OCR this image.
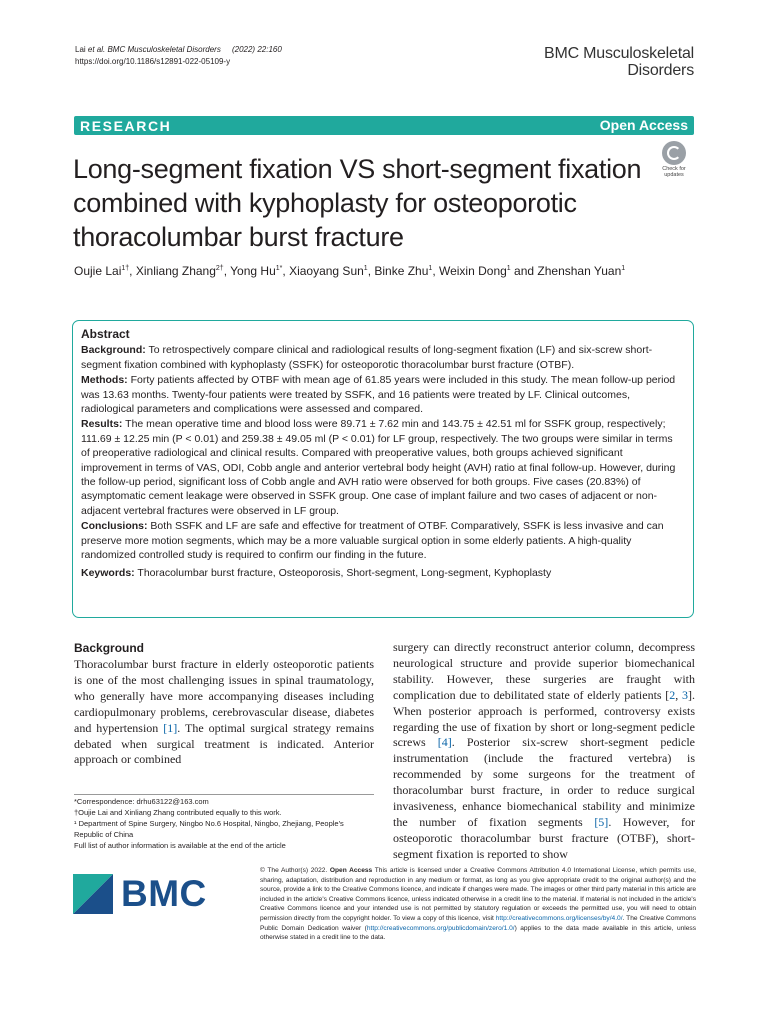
Lai et al. BMC Musculoskeletal Disorders (2022) 22:160
https://doi.org/10.1186/s12891-022-05109-y	BMC Musculoskeletal
Disorders
RESEARCH	Open Access
Check for
updates
Long-segment fixation VS short-segment fixation combined with kyphoplasty for osteoporotic thoracolumbar burst fracture
Oujie Lai$^{1\dagger}$, Xinliang Zhang$^{2\dagger}$, Yong $Hu^{1*}$, Xiaoyang Sun$^1$, Binke Zhu$^1$, Weixin Dong$^1$ and Zhenshan Yuan$^1$
Abstract

Background: To retrospectively compare clinical and radiological results of long-segment fixation (LF) and six-screw short-segment fixation combined with kyphoplasty (SSFK) for osteoporotic thoracolumbar burst fracture (OTBF).

Methods: Forty patients affected by OTBF with mean age of 61.85 years were included in this study. The mean follow-up period was 13.63 months. Twenty-four patients were treated by SSFK, and 16 patients were treated by LF. Clinical outcomes, radiological parameters and complications were assessed and compared.

Results: The mean operative time and blood loss were 89.71 ± 7.62 min and 143.75 ± 42.51 ml for SSFK group, respectively; 111.69 ± 12.25 min (P < 0.01) and 259.38 ± 49.05 ml (P < 0.01) for LF group, respectively. The two groups were similar in terms of preoperative radiological and clinical results. Compared with preoperative values, both groups achieved significant improvement in terms of VAS, ODI, Cobb angle and anterior vertebral body height (AVH) ratio at final follow-up. However, during the follow-up period, significant loss of Cobb angle and AVH ratio were observed for both groups. Five cases (20.83%) of asymptomatic cement leakage were observed in SSFK group. One case of implant failure and two cases of adjacent or non-adjacent vertebral fractures were observed in LF group.

Conclusions: Both SSFK and LF are safe and effective for treatment of OTBF. Comparatively, SSFK is less invasive and can preserve more motion segments, which may be a more valuable surgical option in some elderly patients. A high-quality randomized controlled study is required to confirm our finding in the future.

Keywords: Thoracolumbar burst fracture, Osteoporosis, Short-segment, Long-segment, Kyphoplasty

Background

Thoracolumbar burst fracture in elderly osteoporotic patients is one of the most challenging issues in spinal traumatology, who generally have more accompanying diseases including cardiopulmonary problems, cerebrovascular disease, diabetes and hypertension [1]. The optimal surgical strategy remains debated when surgical treatment is indicated. Anterior approach or combined

surgery can directly reconstruct anterior column, decompress neurological structure and provide superior biomechanical stability. However, these surgeries are fraught with complication due to debilitated state of elderly patients [2, 3]. When posterior approach is performed, controversy exists regarding the use of fixation by short or long-segment pedicle screws [4]. Posterior six-screw short-segment pedicle instrumentation (include the fractured vertebra) is recommended by some surgeons for the treatment of thoracolumbar burst fracture, in order to reduce surgical invasiveness, enhance biomechanical stability and minimize the number of fixation segments [5]. However, for osteoporotic thoracolumbar burst fracture (OTBF), short-segment fixation is reported to show

*Correspondence: drhu63122@163.com
†Oujie Lai and Xinliang Zhang contributed equally to this work.
¹ Department of Spine Surgery, Ningbo No.6 Hospital, Ningbo, Zhejiang, People's Republic of China
Full list of author information is available at the end of the article
BMC
© The Author(s) 2022. Open Access This article is licensed under a Creative Commons Attribution 4.0 International License, which permits use, sharing, adaptation, distribution and reproduction in any medium or format, as long as you give appropriate credit to the original author(s) and the source, provide a link to the Creative Commons licence, and indicate if changes were made. The images or other third party material in this article are included in the article's Creative Commons licence, unless indicated otherwise in a credit line to the material. If material is not included in the article's Creative Commons licence and your intended use is not permitted by statutory regulation or exceeds the permitted use, you will need to obtain permission directly from the copyright holder. To view a copy of this licence, visit http://creativecommons.org/licenses/by/4.0/. The Creative Commons Public Domain Dedication waiver (http://creativecommons.org/publicdomain/zero/1.0/) applies to the data made available in this article, unless otherwise stated in a credit line to the data.
